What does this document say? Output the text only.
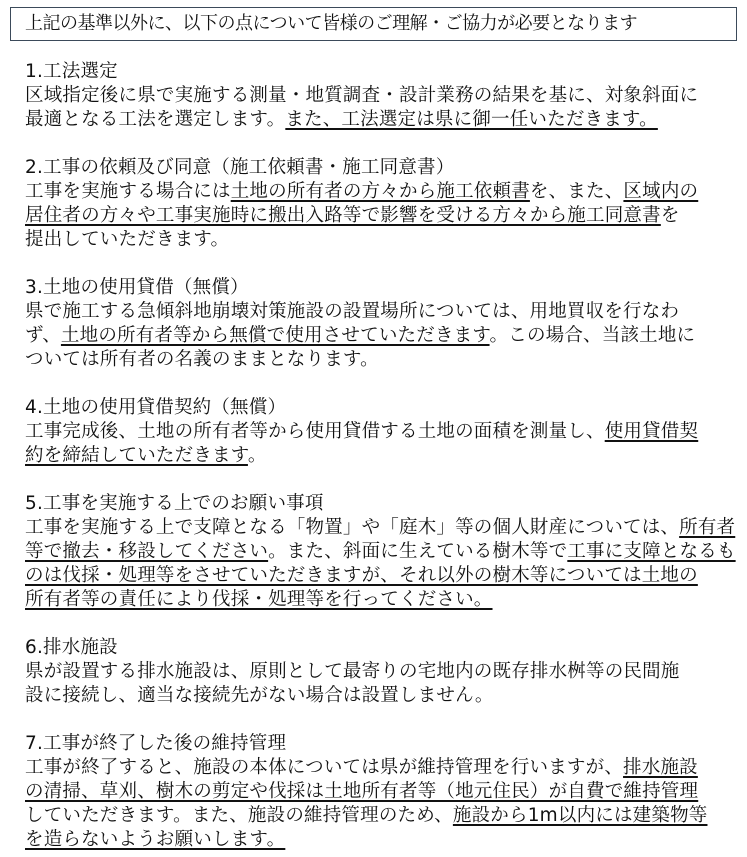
上記の基準以外に、以下の点について皆様のご理解・ご協力が必要となります
1.工法選定
区域指定後に県で実施する測量・地質調査・設計業務の結果を基に、対象斜面に
最適となる工法を選定します。また、工法選定は県に御一任いただきます。
2.工事の依頼及び同意（施工依頼書・施工同意書）
工事を実施する場合には土地の所有者の方々から施工依頼書を、また、区域内の
居住者の方々や工事実施時に搬出入路等で影響を受ける方々から施工同意書を
提出していただきます。
3.土地の使用貸借（無償）
県で施工する急傾斜地崩壊対策施設の設置場所については、用地買収を行なわ
ず、土地の所有者等から無償で使用させていただきます。この場合、当該土地に
ついては所有者の名義のままとなります。
4.土地の使用貸借契約（無償）
工事完成後、土地の所有者等から使用貸借する土地の面積を測量し、使用貸借契
約を締結していただきます。
5.工事を実施する上でのお願い事項
工事を実施する上で支障となる「物置」や「庭木」等の個人財産については、所有者
等で撤去・移設してください。また、斜面に生えている樹木等で工事に支障となるも
のは伐採・処理等をさせていただきますが、それ以外の樹木等については土地の
所有者等の責任により伐採・処理等を行ってください。
6.排水施設
県が設置する排水施設は、原則として最寄りの宅地内の既存排水桝等の民間施
設に接続し、適当な接続先がない場合は設置しません。
7.工事が終了した後の維持管理
工事が終了すると、施設の本体については県が維持管理を行いますが、排水施設
の清掃、草刈、樹木の剪定や伐採は土地所有者等（地元住民）が自費で維持管理
していただきます。また、施設の維持管理のため、施設から1m以内には建築物等
を造らないようお願いします。
